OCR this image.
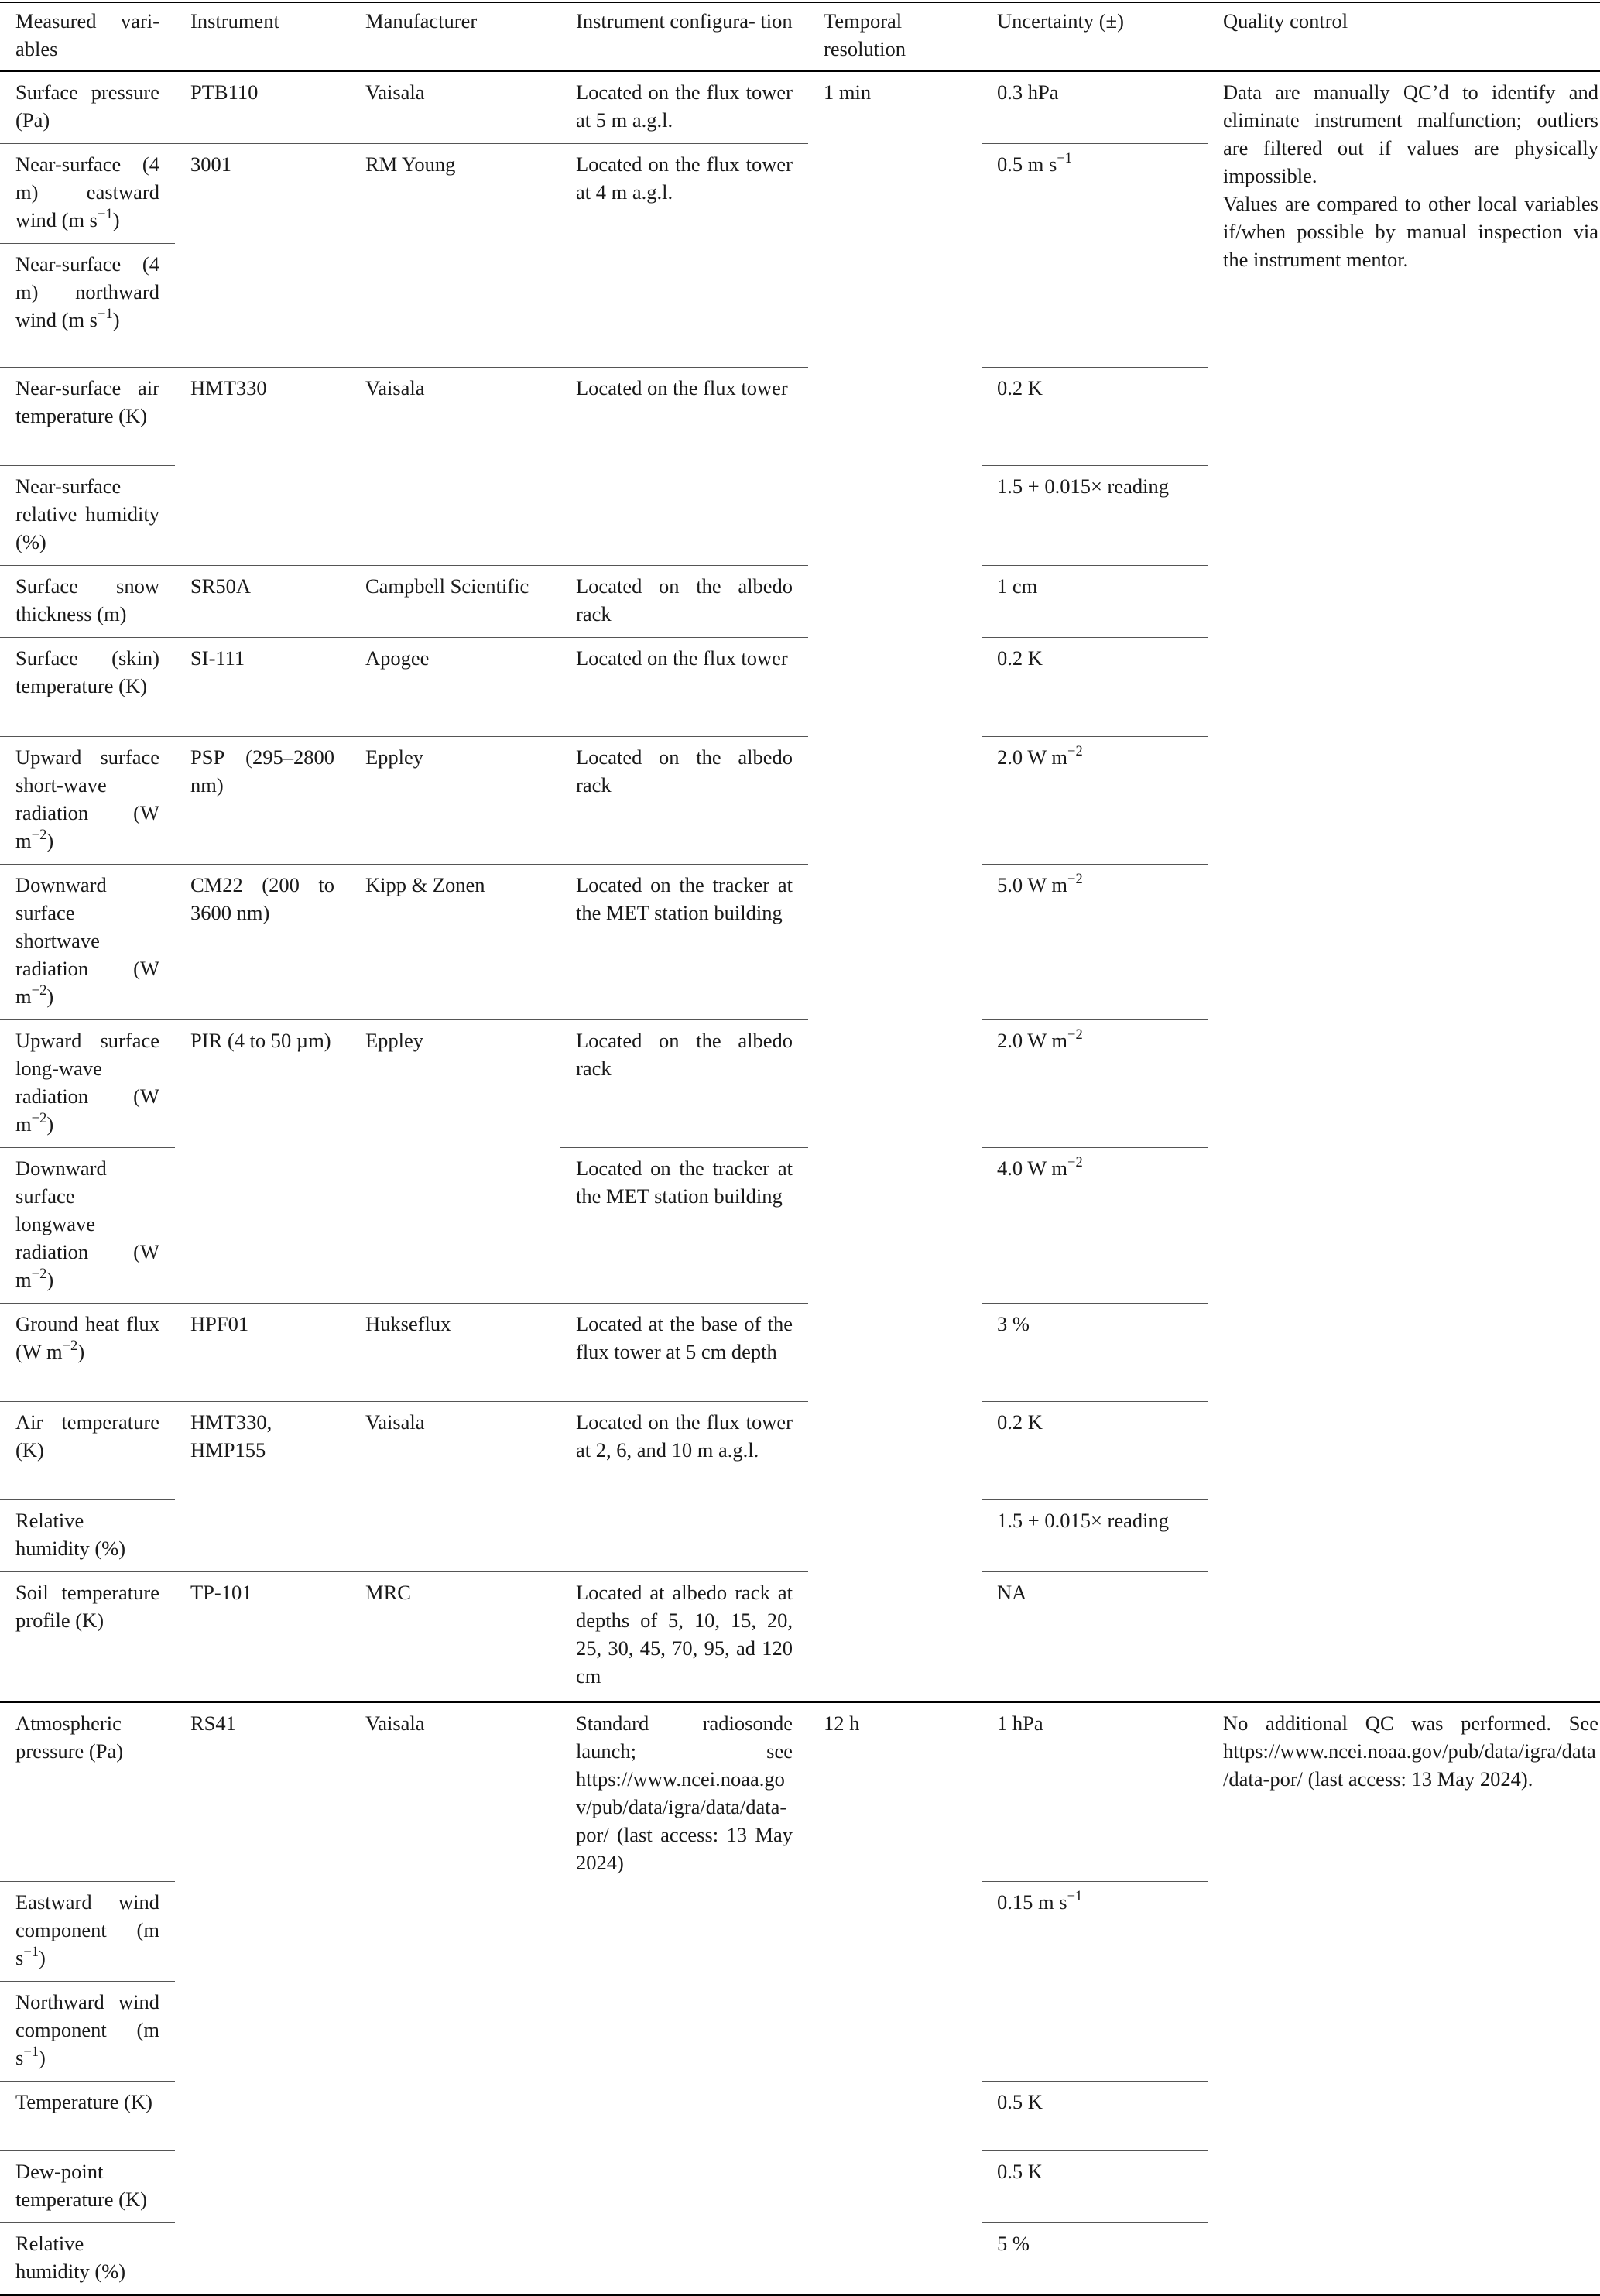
Measured vari- ables	Instrument	Manufacturer	Instrument configura- tion	Temporal resolution	Uncertainty (±)	Quality control
Surface pressure (Pa)	PTB110	Vaisala	Located on the flux tower at 5 m a.g.l.	1 min	0.3 hPa	Data are manually QC’d to identify and eliminate instrument malfunction; outliers are filtered out if values are physically impossible.
Values are compared to other local variables if/when possible by manual inspection via the instrument mentor.

Near-surface (4 m) eastward wind (m $s^{-1}$)	3001	RM Young	Located on the flux tower at 4 m a.g.l.		0.5 m $s^{-1}$
Near-surface (4 m) northward wind (m $s^{-1}$)						
Near-surface air temperature (K)	HMT330	Vaisala	Located on the flux tower		0.2 K	
Near-surface relative humidity (%)					1.5 + 0.015× reading	
Surface snow thickness (m)	SR50A	Campbell Scientific	Located on the albedo rack		1 cm	
Surface (skin) temperature (K)	SI-111	Apogee	Located on the flux tower		0.2 K	
Upward surface short-wave radiation (W $m^{-2}$)	PSP (295–2800 nm)	Eppley	Located on the albedo rack		2.0 W $m^{-2}$
Downward surface shortwave radiation (W $m^{-2}$)	CM22 (200 to 3600 nm)	Kipp & Zonen	Located on the tracker at the MET station building		5.0 W $m^{-2}$
Upward surface long-wave radiation (W $m^{-2}$)	PIR (4 to 50 µm)	Eppley	Located on the albedo rack		2.0 W $m^{-2}$
Downward surface longwave radiation (W $m^{-2}$)			Located on the tracker at the MET station building		4.0 W $m^{-2}$
Ground heat flux (W $m^{-2}$)	HPF01	Hukseflux	Located at the base of the flux tower at 5 cm depth		3 %	
Air temperature (K)	HMT330, HMP155	Vaisala	Located on the flux tower at 2, 6, and 10 m a.g.l.		0.2 K	
Relative humidity (%)					1.5 + 0.015× reading	
Soil temperature profile (K)	TP-101	MRC	Located at albedo rack at depths of 5, 10, 15, 20, 25, 30, 45, 70, 95, ad 120 cm		NA	
Atmospheric pressure (Pa)	RS41	Vaisala	Standard radiosonde launch; see https://www.ncei.noaa.gov/pub/data/igra/data/data-por/ (last access: 13 May 2024)	12 h	1 hPa	No additional QC was performed. See https://www.ncei.noaa.gov/pub/data/igra/data/data-por/ (last access: 13 May 2024).
Eastward wind component (m $s^{-1}$)					0.15 m $s^{-1}$
Northward wind component (m $s^{-1}$)						
Temperature (K)					0.5 K	
Dew-point temperature (K)					0.5 K	
Relative humidity (%)					5 %	
